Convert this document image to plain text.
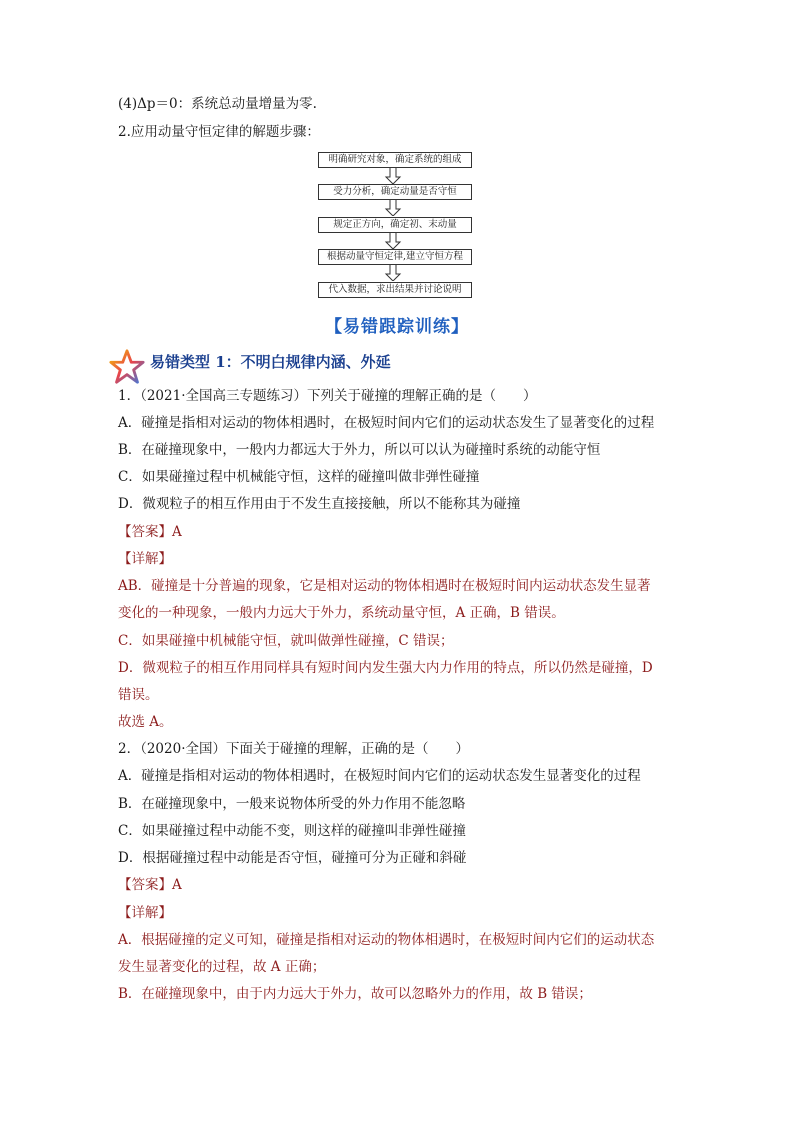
(4)Δp＝0：系统总动量增量为零.
2.应用动量守恒定律的解题步骤：
明确研究对象，确定系统的组成
受力分析，确定动量是否守恒
规定正方向，确定初、末动量
根据动量守恒定律,建立守恒方程
代入数据，求出结果并讨论说明
【易错跟踪训练】
易错类型 1：不明白规律内涵、外延
1．（2021·全国高三专题练习）下列关于碰撞的理解正确的是（　　）
A．碰撞是指相对运动的物体相遇时，在极短时间内它们的运动状态发生了显著变化的过程
B．在碰撞现象中，一般内力都远大于外力，所以可以认为碰撞时系统的动能守恒
C．如果碰撞过程中机械能守恒，这样的碰撞叫做非弹性碰撞
D．微观粒子的相互作用由于不发生直接接触，所以不能称其为碰撞
【答案】A
【详解】
AB．碰撞是十分普遍的现象，它是相对运动的物体相遇时在极短时间内运动状态发生显著
变化的一种现象，一般内力远大于外力，系统动量守恒，A 正确，B 错误。
C．如果碰撞中机械能守恒，就叫做弹性碰撞，C 错误；
D．微观粒子的相互作用同样具有短时间内发生强大内力作用的特点，所以仍然是碰撞，D
错误。
故选 A。
2．（2020·全国）下面关于碰撞的理解，正确的是（　　）
A．碰撞是指相对运动的物体相遇时，在极短时间内它们的运动状态发生显著变化的过程
B．在碰撞现象中，一般来说物体所受的外力作用不能忽略
C．如果碰撞过程中动能不变，则这样的碰撞叫非弹性碰撞
D．根据碰撞过程中动能是否守恒，碰撞可分为正碰和斜碰
【答案】A
【详解】
A．根据碰撞的定义可知，碰撞是指相对运动的物体相遇时，在极短时间内它们的运动状态
发生显著变化的过程，故 A 正确；
B．在碰撞现象中，由于内力远大于外力，故可以忽略外力的作用，故 B 错误；
